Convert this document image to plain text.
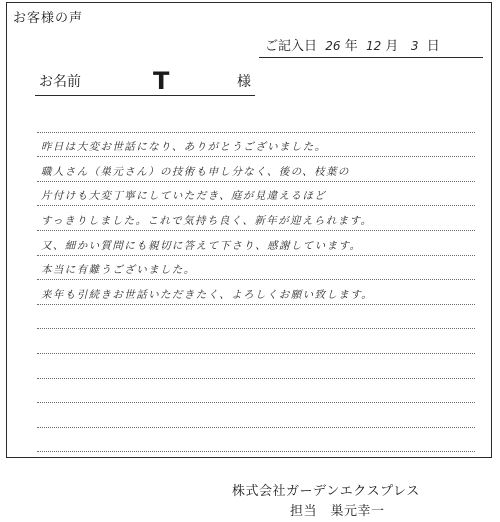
お客様の声
ご記入日 26 年 12 月 3 日
お名前	T	様
昨日は大変お世話になり、ありがとうございました。
職人さん（巣元さん）の技術も申し分なく、後の、枝葉の
片付けも大変丁寧にしていただき、庭が見違えるほど
すっきりしました。これで気持ち良く、新年が迎えられます。
又、細かい質問にも親切に答えて下さり、感謝しています。
本当に有難うございました。
来年も引続きお世話いただきたく、よろしくお願い致します。
株式会社ガーデンエクスプレス
担当　巣元幸一
